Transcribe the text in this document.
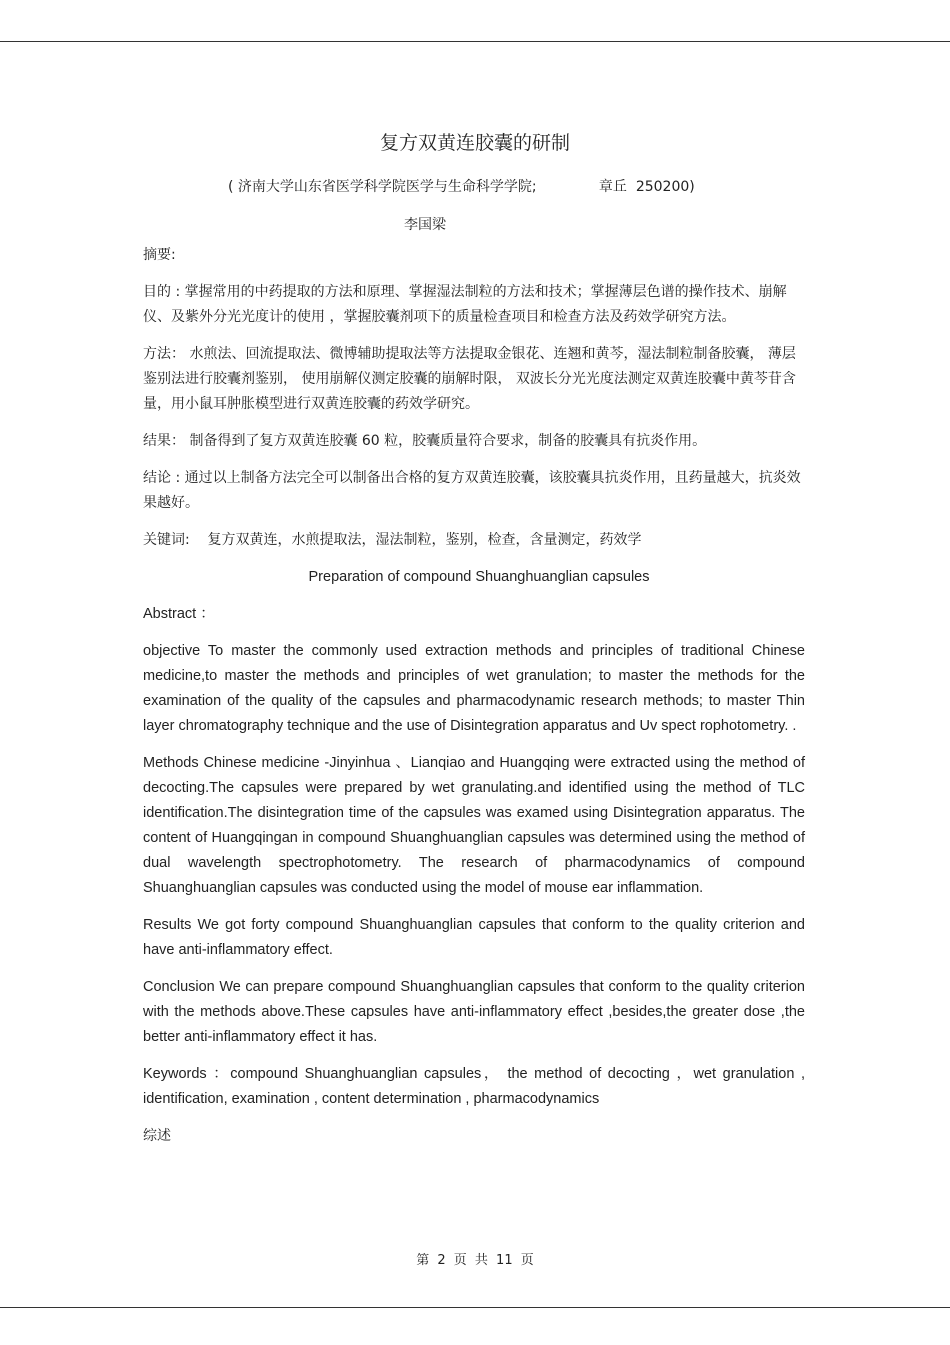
复方双黄连胶囊的研制
( 济南大学山东省医学科学院医学与生命科学学院;              章丘  250200)
李国梁

摘要:

目的 : 掌握常用的中药提取的方法和原理、掌握湿法制粒的方法和技术；掌握薄层色谱的操作技术、崩解仪、及紫外分光光度计的使用 ，掌握胶囊剂项下的质量检查项目和检查方法及药效学研究方法。

方法： 水煎法、回流提取法、微博辅助提取法等方法提取金银花、连翘和黄芩，湿法制粒制备胶囊， 薄层鉴别法进行胶囊剂鉴别， 使用崩解仪测定胶囊的崩解时限， 双波长分光光度法测定双黄连胶囊中黄芩苷含量，用小鼠耳肿胀模型进行双黄连胶囊的药效学研究。

结果： 制备得到了复方双黄连胶囊 60 粒，胶囊质量符合要求，制备的胶囊具有抗炎作用。

结论 : 通过以上制备方法完全可以制备出合格的复方双黄连胶囊，该胶囊具抗炎作用，且药量越大，抗炎效果越好。

关键词:    复方双黄连，水煎提取法，湿法制粒，鉴别，检查，含量测定，药效学

Preparation of compound Shuanghuanglian capsules

Abstract ：

objective To master the commonly used extraction methods and principles of traditional Chinese medicine,to master the methods and principles of wet granulation; to master the methods for the examination of the quality of the capsules and pharmacodynamic research methods; to master Thin layer chromatography technique and the use of Disintegration apparatus and Uv spect rophotometry. .

Methods Chinese medicine -Jinyinhua 、Lianqiao and Huangqing were extracted using the method of decocting.The capsules were prepared by wet granulating.and identified using the method of TLC identification.The disintegration time of the capsules was examed using Disintegration apparatus. The content of Huangqingan in compound Shuanghuanglian capsules was determined using the method of dual wavelength spectrophotometry. The research of pharmacodynamics of compound Shuanghuanglian capsules was conducted using the model of mouse ear inflammation.

Results We got forty compound Shuanghuanglian capsules that conform to the quality criterion and have anti-inflammatory effect.

Conclusion We can prepare compound Shuanghuanglian capsules that conform to the quality criterion with the methods above.These capsules have anti-inflammatory effect ,besides,the greater dose ,the better anti-inflammatory effect it has.

Keywords ：compound Shuanghuanglian capsules， the method of decocting ，wet granulation , identification, examination , content determination , pharmacodynamics

综述

第 2 页 共 11 页
